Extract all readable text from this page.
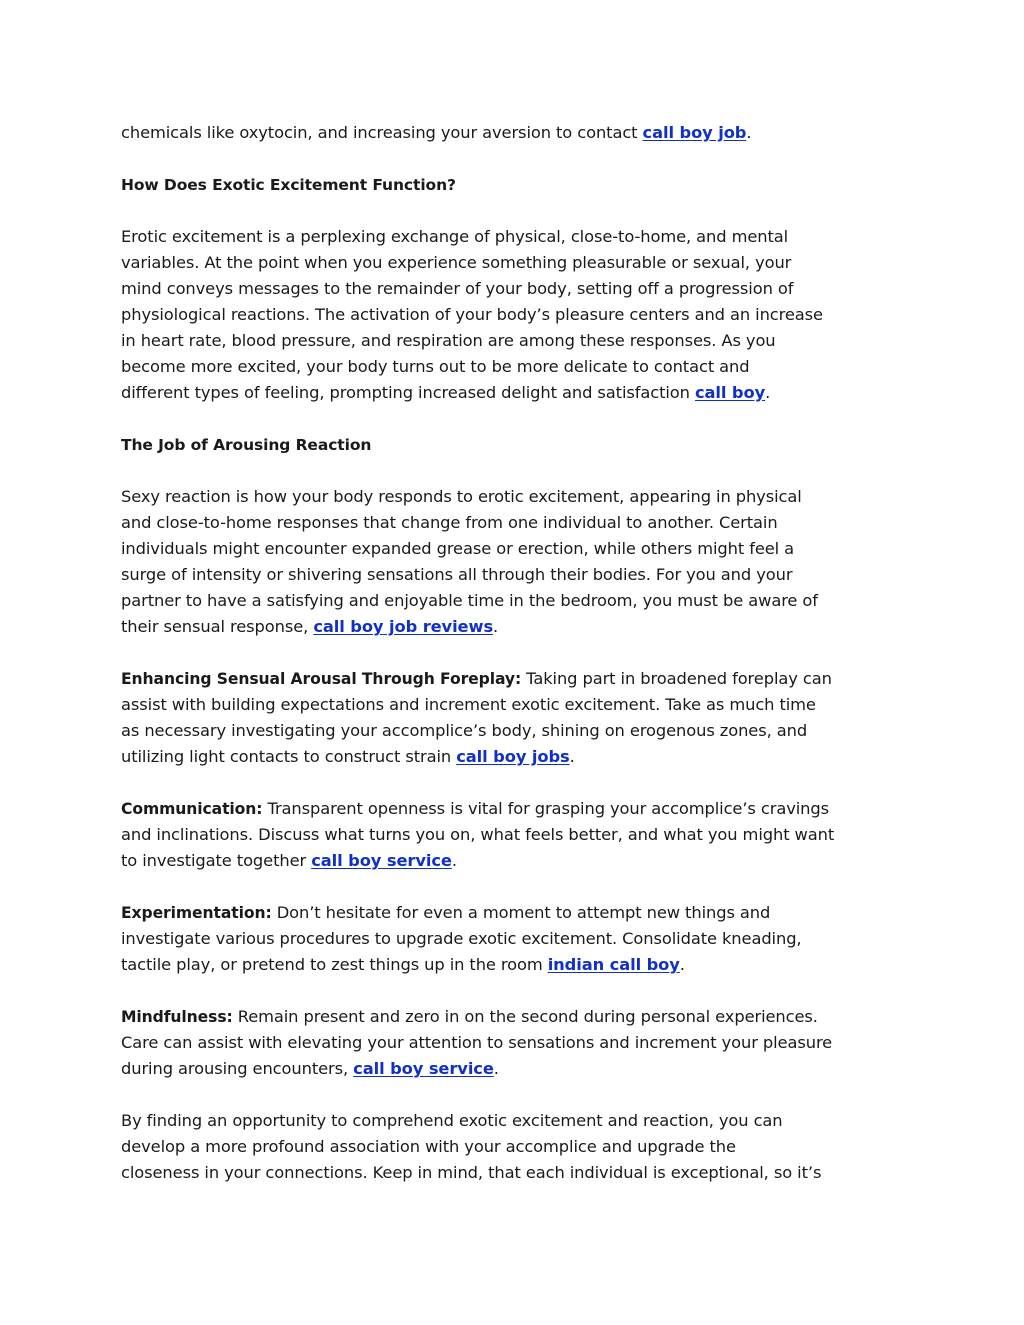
chemicals like oxytocin, and increasing your aversion to contact call boy job.
How Does Exotic Excitement Function?
Erotic excitement is a perplexing exchange of physical, close-to-home, and mental
variables. At the point when you experience something pleasurable or sexual, your
mind conveys messages to the remainder of your body, setting off a progression of
physiological reactions. The activation of your body’s pleasure centers and an increase
in heart rate, blood pressure, and respiration are among these responses. As you
become more excited, your body turns out to be more delicate to contact and
different types of feeling, prompting increased delight and satisfaction call boy.
The Job of Arousing Reaction
Sexy reaction is how your body responds to erotic excitement, appearing in physical
and close-to-home responses that change from one individual to another. Certain
individuals might encounter expanded grease or erection, while others might feel a
surge of intensity or shivering sensations all through their bodies. For you and your
partner to have a satisfying and enjoyable time in the bedroom, you must be aware of
their sensual response, call boy job reviews.
Enhancing Sensual Arousal Through Foreplay: Taking part in broadened foreplay can
assist with building expectations and increment exotic excitement. Take as much time
as necessary investigating your accomplice’s body, shining on erogenous zones, and
utilizing light contacts to construct strain call boy jobs.
Communication: Transparent openness is vital for grasping your accomplice’s cravings
and inclinations. Discuss what turns you on, what feels better, and what you might want
to investigate together call boy service.
Experimentation: Don’t hesitate for even a moment to attempt new things and
investigate various procedures to upgrade exotic excitement. Consolidate kneading,
tactile play, or pretend to zest things up in the room indian call boy.
Mindfulness: Remain present and zero in on the second during personal experiences.
Care can assist with elevating your attention to sensations and increment your pleasure
during arousing encounters, call boy service.
By finding an opportunity to comprehend exotic excitement and reaction, you can
develop a more profound association with your accomplice and upgrade the
closeness in your connections. Keep in mind, that each individual is exceptional, so it’s
